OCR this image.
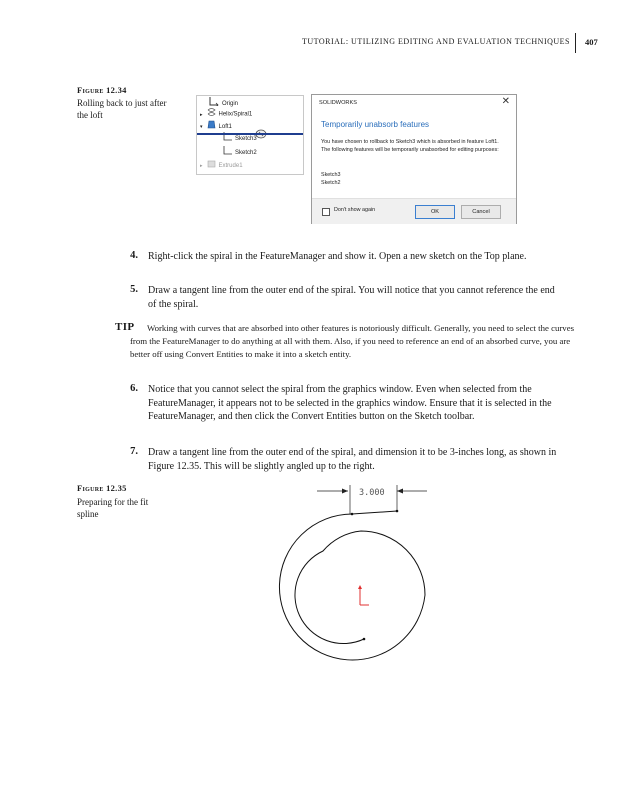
TUTORIAL: UTILIZING EDITING AND EVALUATION TECHNIQUES 407
Figure 12.34
Rolling back to just after the loft
Origin
▸	Helix/Spiral1
▾	Loft1
Sketch3
Sketch2
▸	Extrude1
SOLIDWORKS	✕
Temporarily unabsorb features
You have chosen to rollback to Sketch3 which is absorbed in feature Loft1. The following features will be temporarily unabsorbed for editing purposes:
Sketch3
Sketch2
Don't show again	OK	Cancel
4. Right-click the spiral in the FeatureManager and show it. Open a new sketch on the Top plane.
5. Draw a tangent line from the outer end of the spiral. You will notice that you cannot reference the end of the spiral.
TIP	Working with curves that are absorbed into other features is notoriously difficult. Generally, you need to select the curves from the FeatureManager to do anything at all with them. Also, if you need to reference an end of an absorbed curve, you are better off using Convert Entities to make it into a sketch entity.
6. Notice that you cannot select the spiral from the graphics window. Even when selected from the FeatureManager, it appears not to be selected in the graphics window. Ensure that it is selected in the FeatureManager, and then click the Convert Entities button on the Sketch toolbar.
7. Draw a tangent line from the outer end of the spiral, and dimension it to be 3-inches long, as shown in Figure 12.35. This will be slightly angled up to the right.
Figure 12.35
Preparing for the fit spline
3.000
